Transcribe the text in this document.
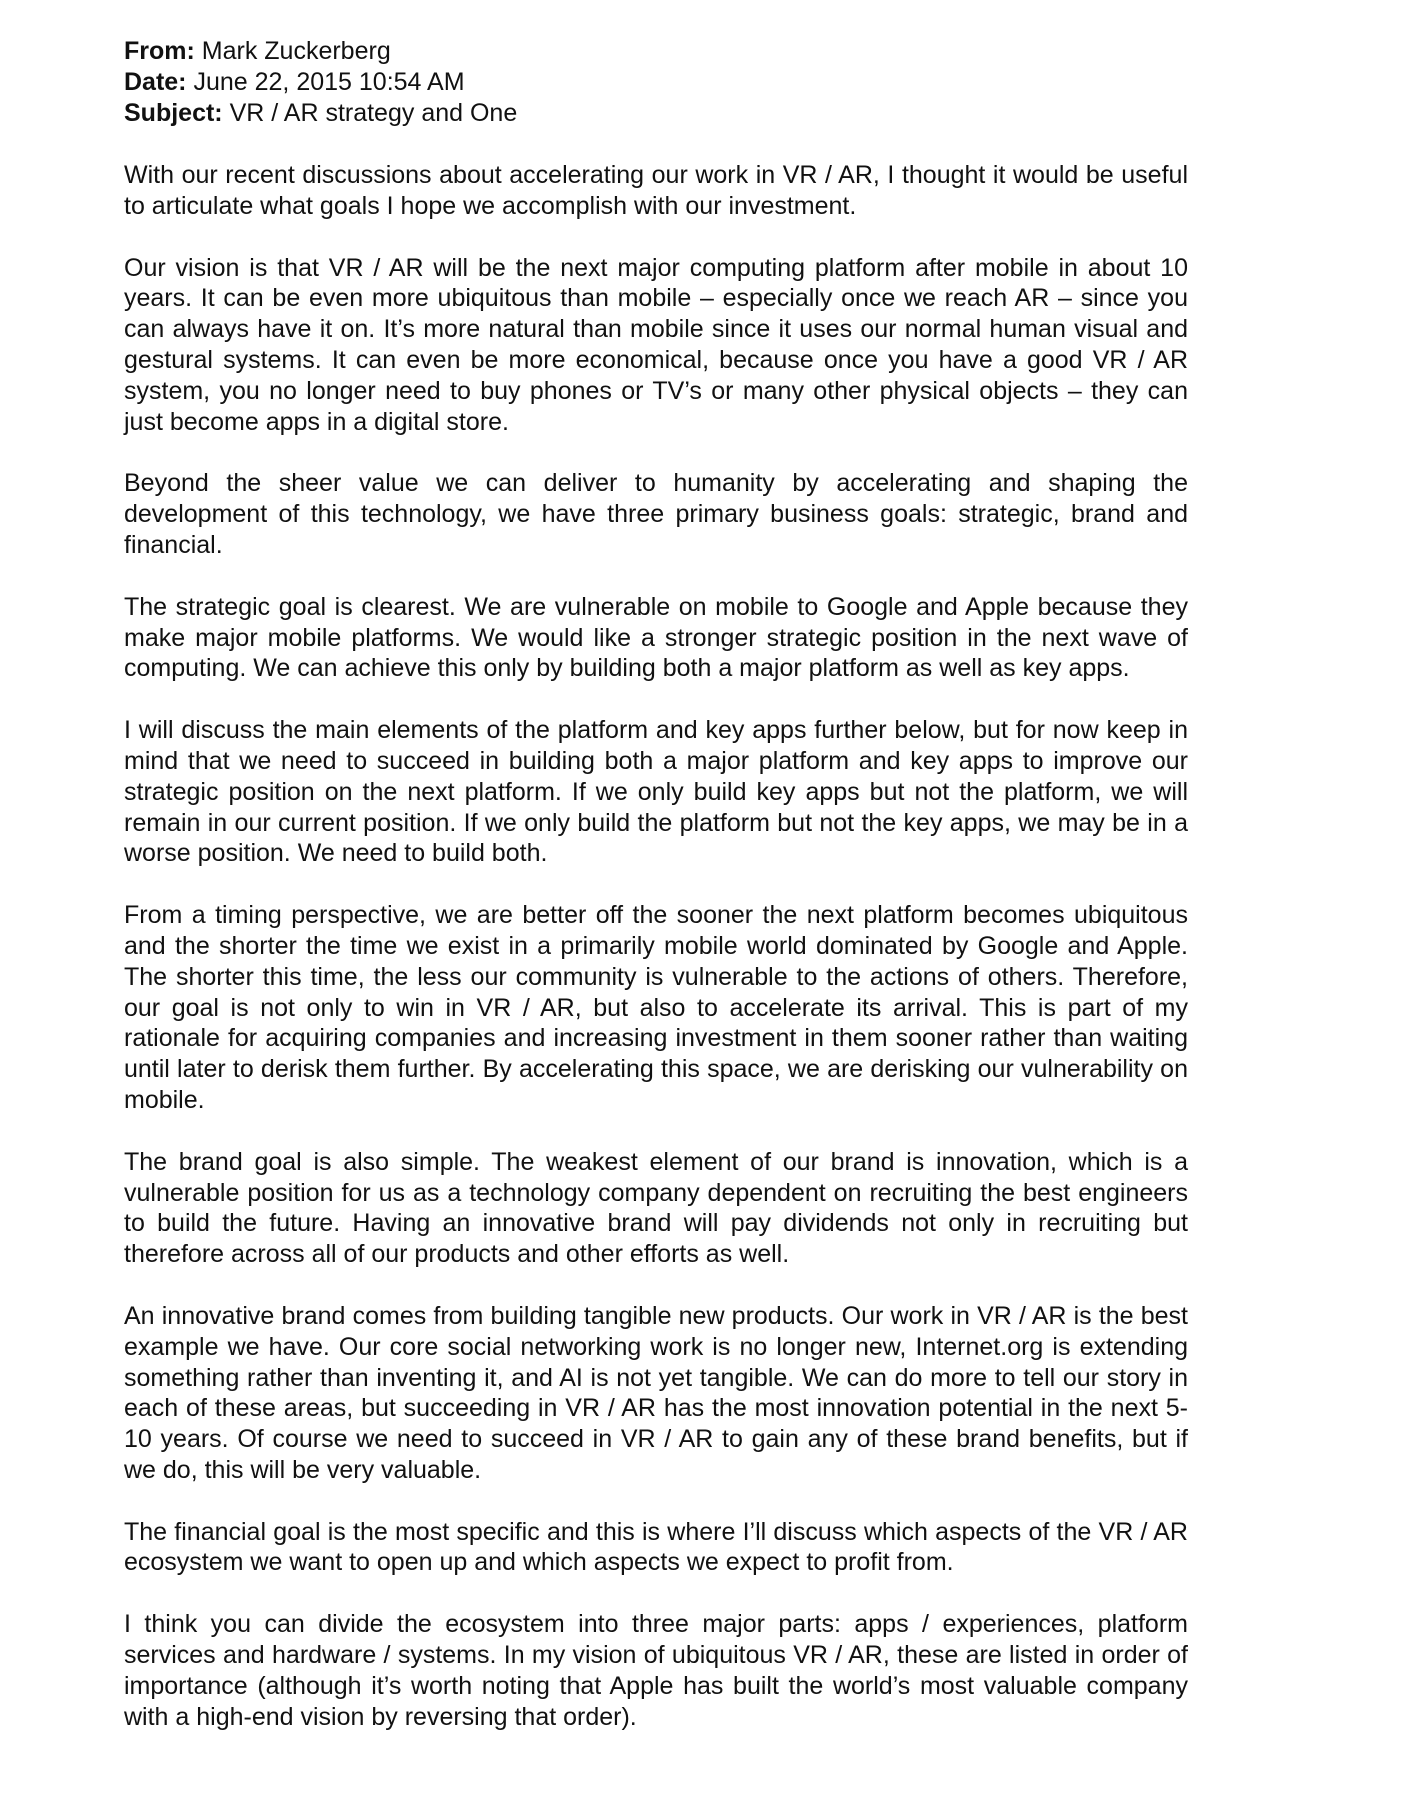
From: Mark Zuckerberg

Date: June 22, 2015 10:54 AM

Subject: VR / AR strategy and One

With our recent discussions about accelerating our work in VR / AR, I thought it would be useful to articulate what goals I hope we accomplish with our investment.

Our vision is that VR / AR will be the next major computing platform after mobile in about 10 years. It can be even more ubiquitous than mobile – especially once we reach AR – since you can always have it on. It’s more natural than mobile since it uses our normal human visual and gestural systems. It can even be more economical, because once you have a good VR / AR system, you no longer need to buy phones or TV’s or many other physical objects – they can just become apps in a digital store.

Beyond the sheer value we can deliver to humanity by accelerating and shaping the development of this technology, we have three primary business goals: strategic, brand and financial.

The strategic goal is clearest. We are vulnerable on mobile to Google and Apple because they make major mobile platforms. We would like a stronger strategic position in the next wave of computing. We can achieve this only by building both a major platform as well as key apps.

I will discuss the main elements of the platform and key apps further below, but for now keep in mind that we need to succeed in building both a major platform and key apps to improve our strategic position on the next platform. If we only build key apps but not the platform, we will remain in our current position. If we only build the platform but not the key apps, we may be in a worse position. We need to build both.

From a timing perspective, we are better off the sooner the next platform becomes ubiquitous and the shorter the time we exist in a primarily mobile world dominated by Google and Apple. The shorter this time, the less our community is vulnerable to the actions of others. Therefore, our goal is not only to win in VR / AR, but also to accelerate its arrival. This is part of my rationale for acquiring companies and increasing investment in them sooner rather than waiting until later to derisk them further. By accelerating this space, we are derisking our vulnerability on mobile.

The brand goal is also simple. The weakest element of our brand is innovation, which is a vulnerable position for us as a technology company dependent on recruiting the best engineers to build the future. Having an innovative brand will pay dividends not only in recruiting but therefore across all of our products and other efforts as well.

An innovative brand comes from building tangible new products. Our work in VR / AR is the best example we have. Our core social networking work is no longer new, Internet.org is extending something rather than inventing it, and AI is not yet tangible. We can do more to tell our story in each of these areas, but succeeding in VR / AR has the most innovation potential in the next 5-10 years. Of course we need to succeed in VR / AR to gain any of these brand benefits, but if we do, this will be very valuable.

The financial goal is the most specific and this is where I’ll discuss which aspects of the VR / AR ecosystem we want to open up and which aspects we expect to profit from.

I think you can divide the ecosystem into three major parts: apps / experiences, platform services and hardware / systems. In my vision of ubiquitous VR / AR, these are listed in order of importance (although it’s worth noting that Apple has built the world’s most valuable company with a high-end vision by reversing that order).
